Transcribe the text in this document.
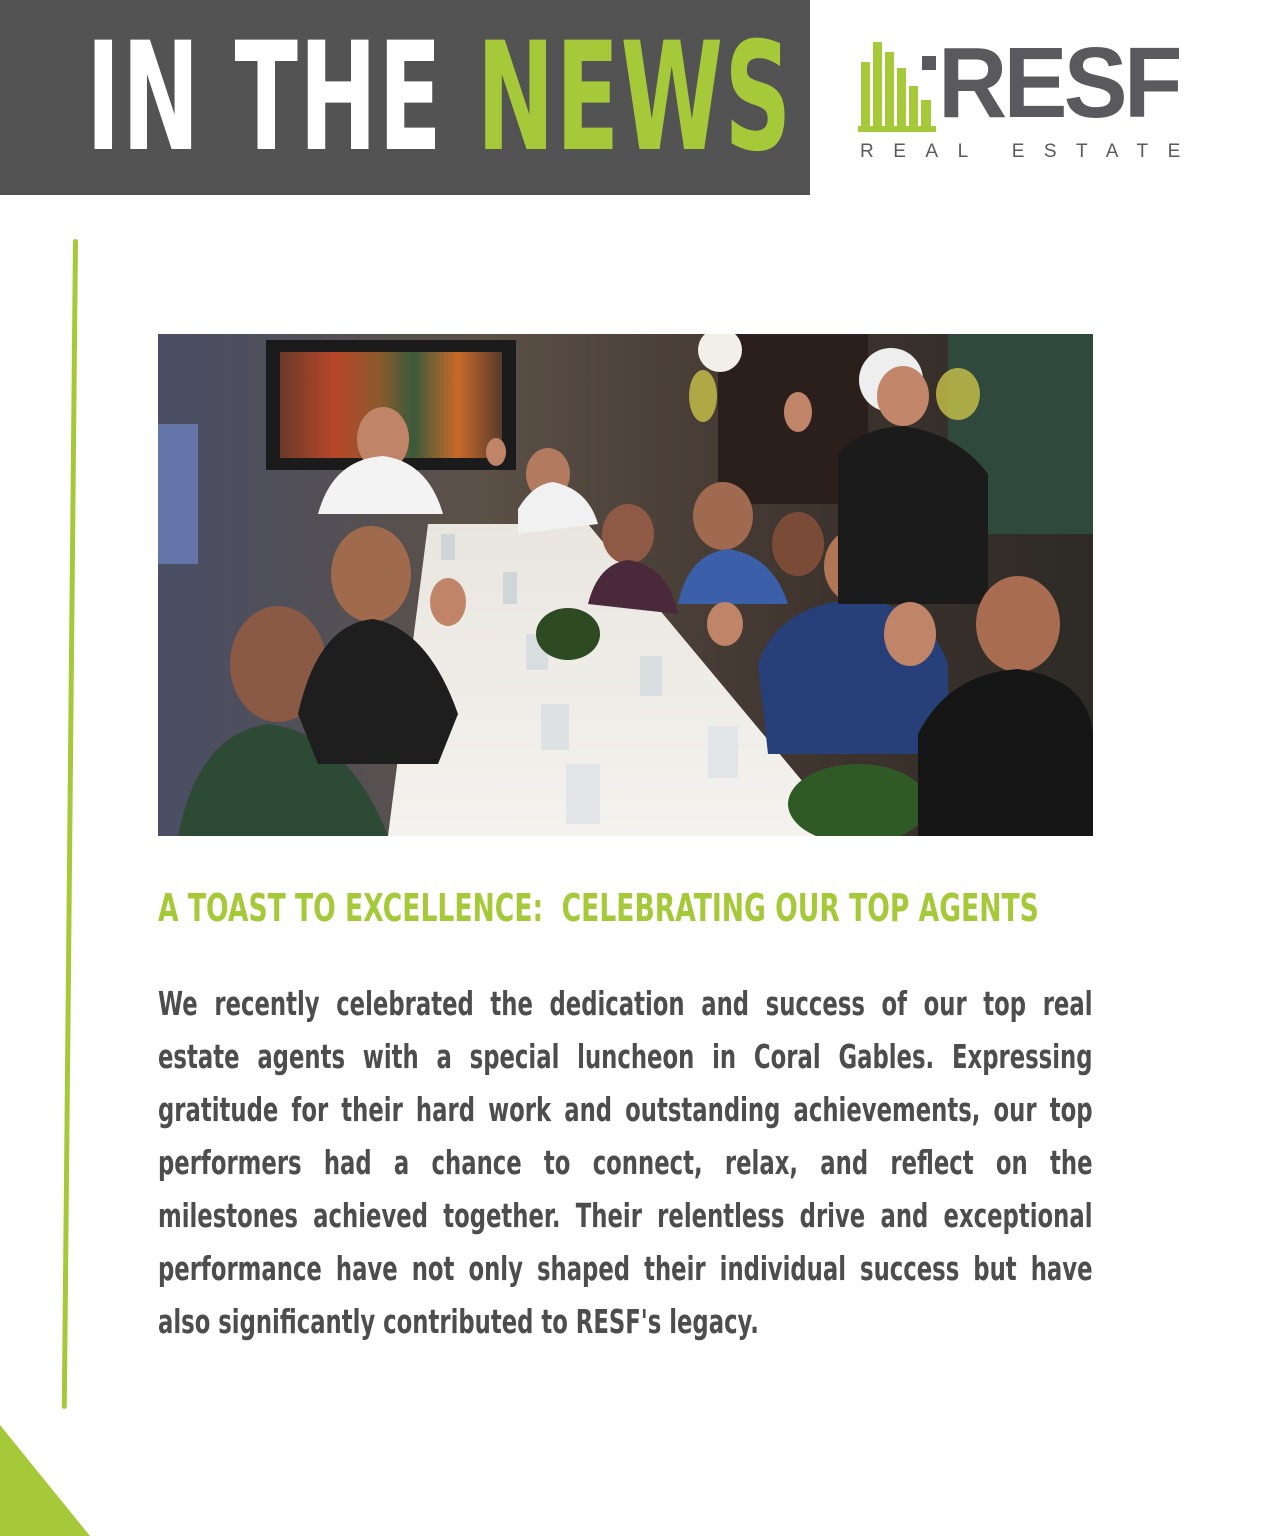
IN THE NEWS RESF
REAL ESTATE
A TOAST TO EXCELLENCE:  CELEBRATING OUR TOP AGENTS

We recently celebrated the dedication and success of our top real estate agents with a special luncheon in Coral Gables. Expressing gratitude for their hard work and outstanding achievements, our top performers had a chance to connect, relax, and reflect on the milestones achieved together. Their relentless drive and exceptional performance have not only shaped their individual success but have also significantly contributed to RESF's legacy.
